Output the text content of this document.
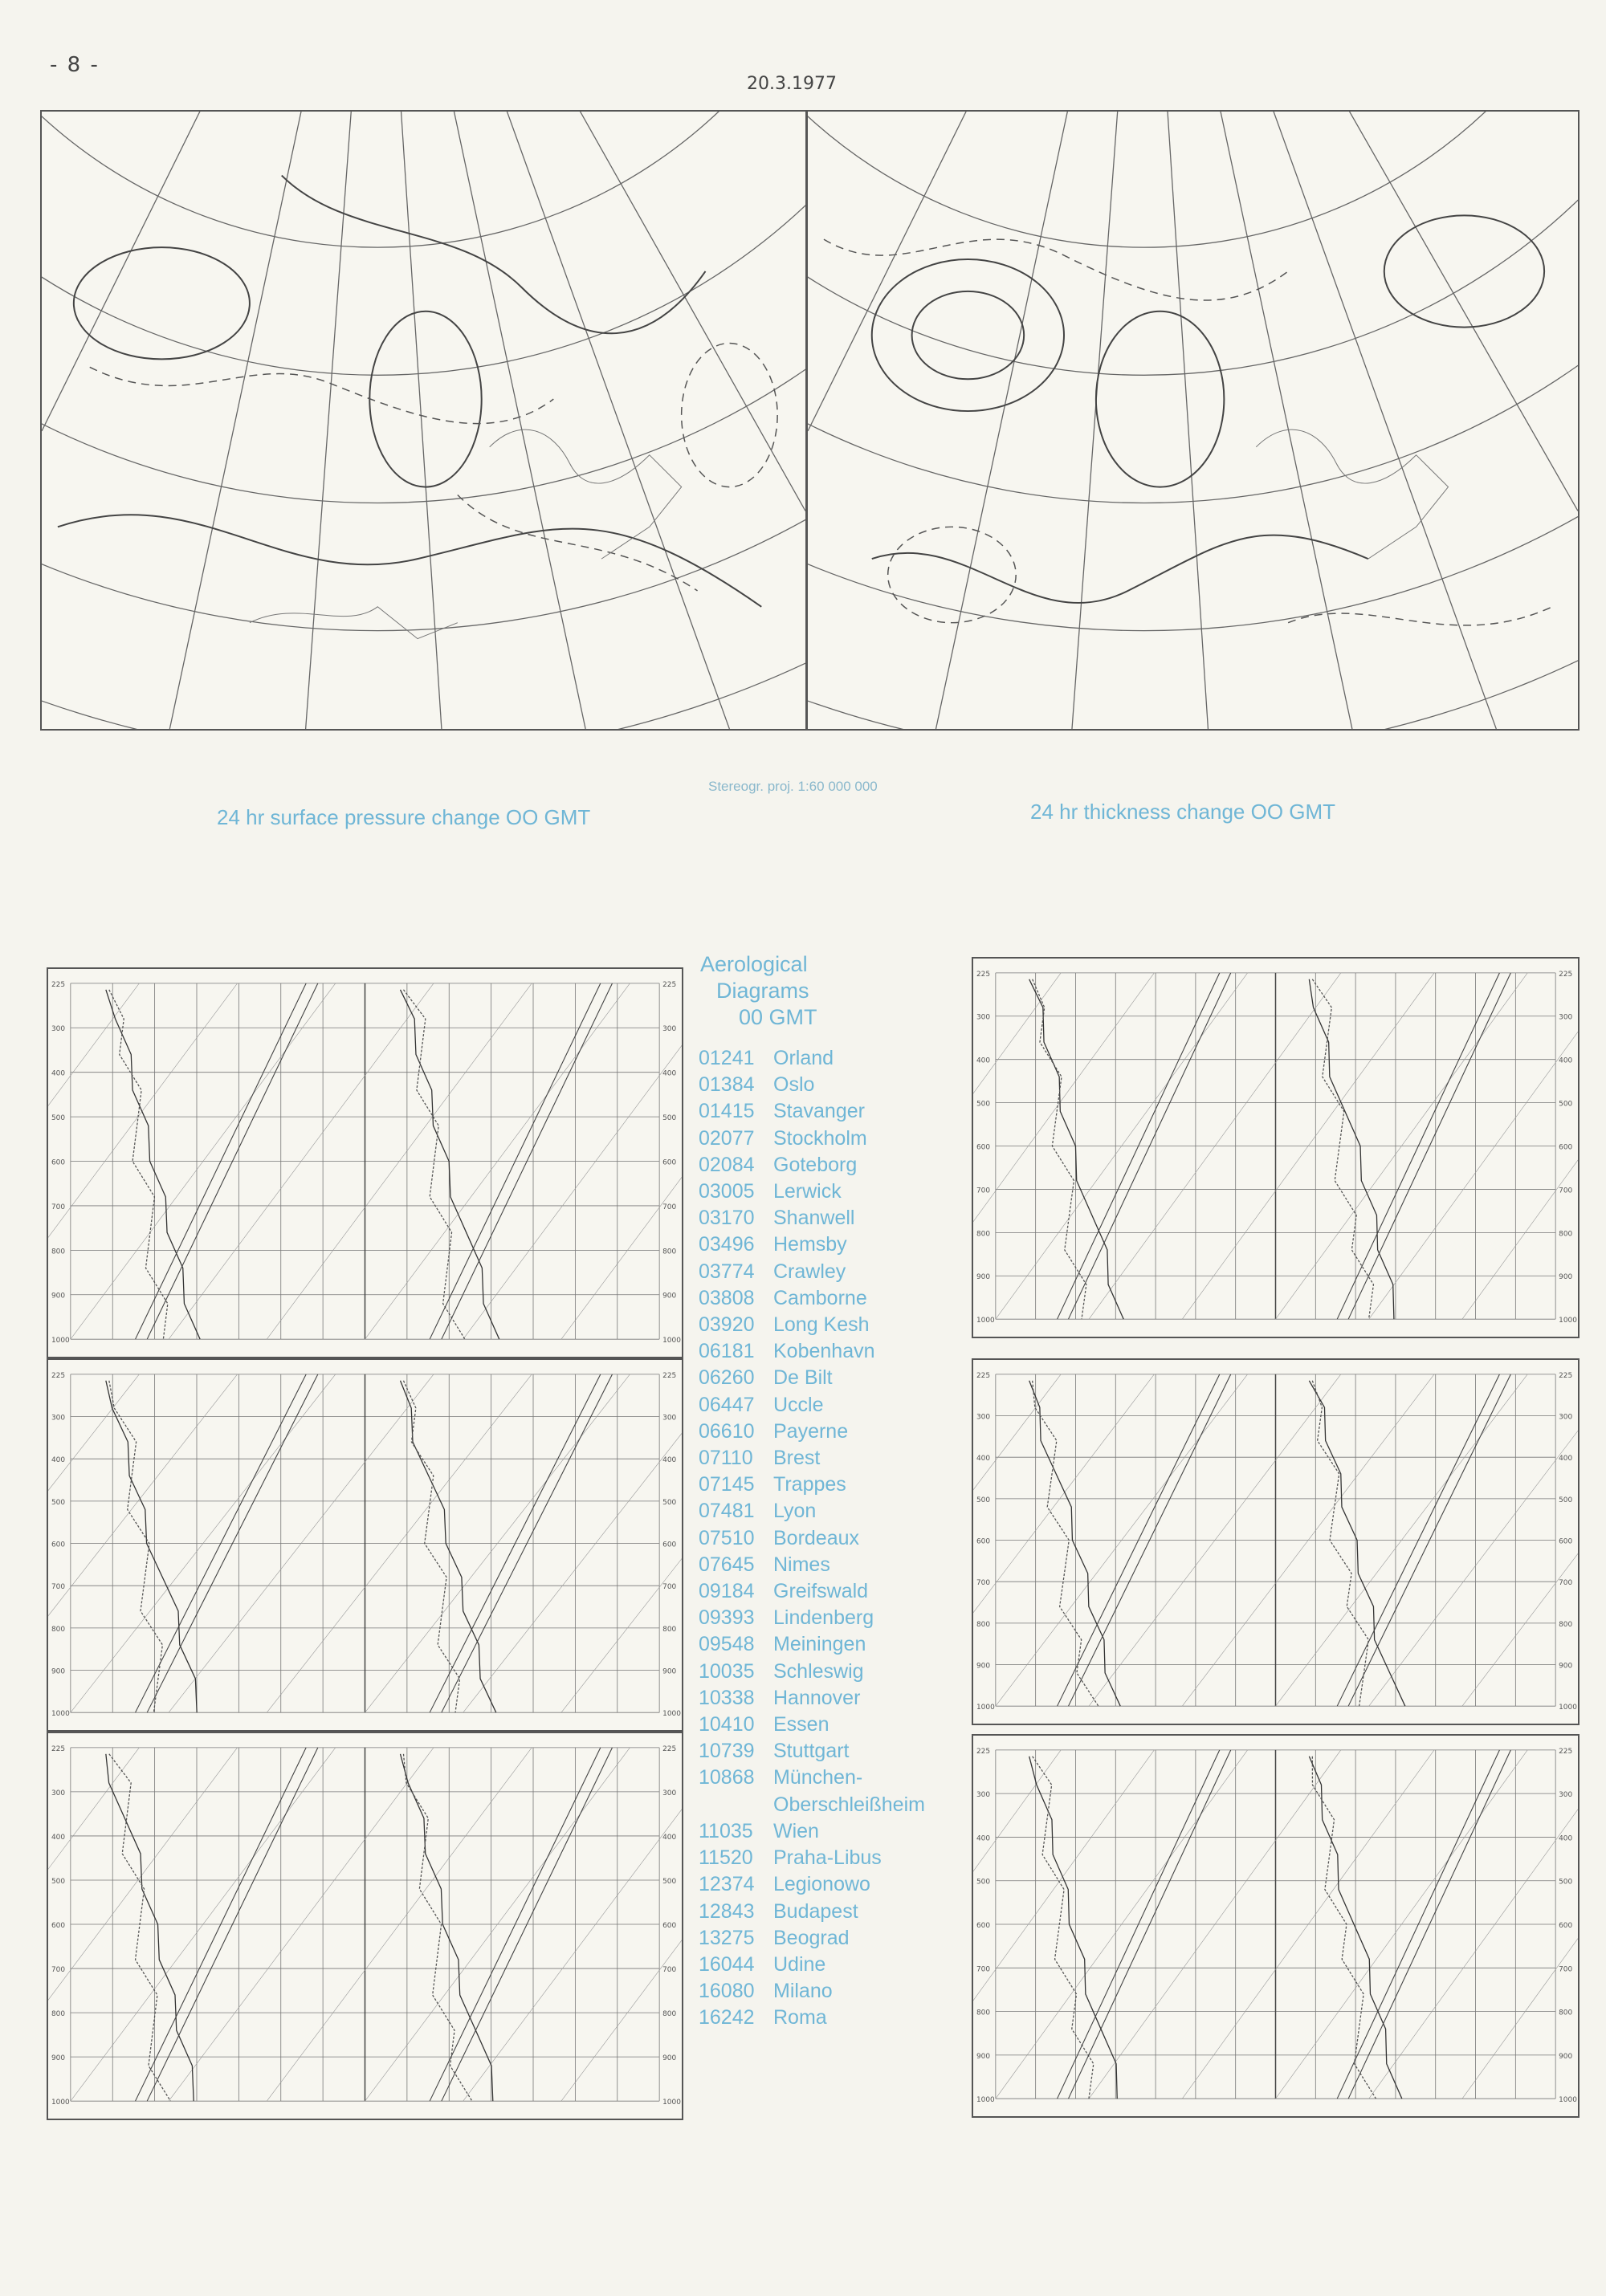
- 8 -
20.3.1977
Stereogr. proj. 1:60 000 000
24 hr surface pressure change OO GMT	24 hr thickness change OO GMT
225	225
300	300
400	400
500	500
600	600
700	700
800	800
900	900
1000	1000
225	225
300	300
400	400
500	500
600	600
700	700
800	800
900	900
1000	1000
225	225
300	300
400	400
500	500
600	600
700	700
800	800
900	900
1000	1000
225	225
300	300
400	400
500	500
600	600
700	700
800	800
900	900
1000	1000
225	225
300	300
400	400
500	500
600	600
700	700
800	800
900	900
1000	1000
225	225
300	300
400	400
500	500
600	600
700	700
800	800
900	900
1000	1000
Aerological
Diagrams
00 GMT
01241 Orland
01384 Oslo
01415 Stavanger
02077 Stockholm
02084 Goteborg
03005 Lerwick
03170 Shanwell
03496 Hemsby
03774 Crawley
03808 Camborne
03920 Long Kesh
06181 Kobenhavn
06260 De Bilt
06447 Uccle
06610 Payerne
07110	Brest
07145 Trappes
07481 Lyon
07510 Bordeaux
07645 Nimes
09184 Greifswald
09393 Lindenberg
09548 Meiningen
10035 Schleswig
10338 Hannover
10410 Essen
10739 Stuttgart
10868 München-
Oberschleißheim
11035	Wien
11520	Praha-Libus
12374 Legionowo
12843 Budapest
13275 Beograd
16044 Udine
16080 Milano
16242 Roma
